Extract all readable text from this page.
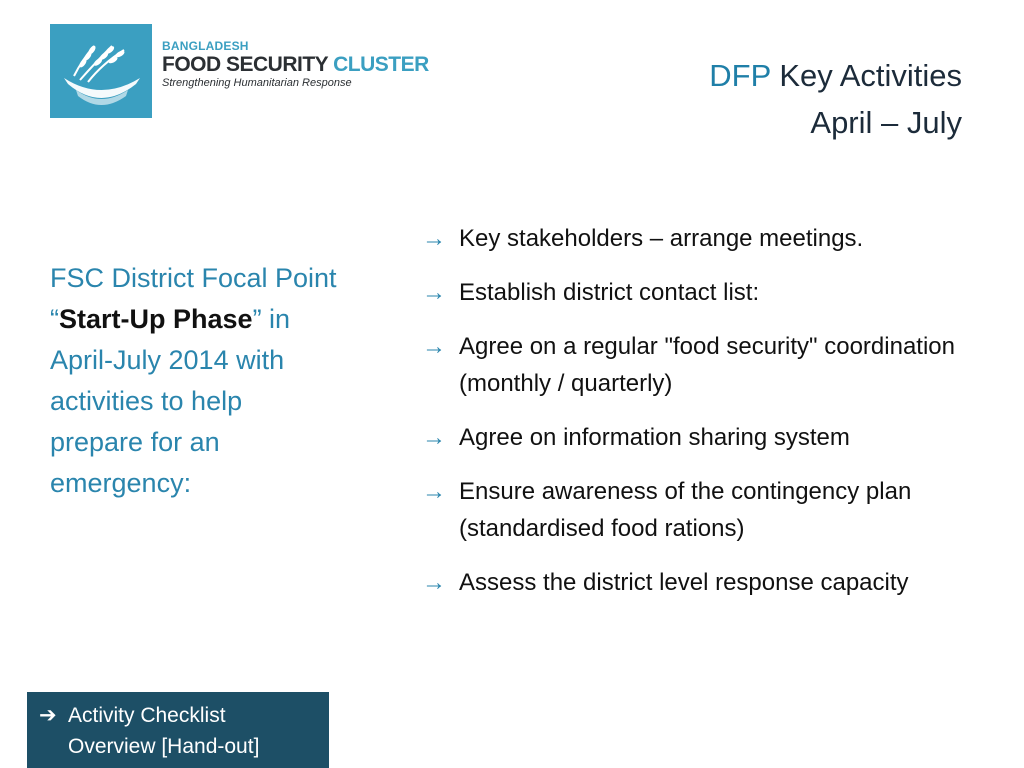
BANGLADESH
FOOD SECURITY CLUSTER
Strengthening Humanitarian Response	DFP Key Activities
April – July
FSC District Focal Point “Start-Up Phase” in April-July 2014 with activities to help prepare for an emergency:
→ Key stakeholders – arrange meetings.
→ Establish district contact list:
→ Agree on a regular "food security" coordination (monthly / quarterly)
→ Agree on information sharing system
→ Ensure awareness of the contingency plan (standardised food rations)
→ Assess the district level response capacity
➔ Activity Checklist
Overview [Hand-out]
